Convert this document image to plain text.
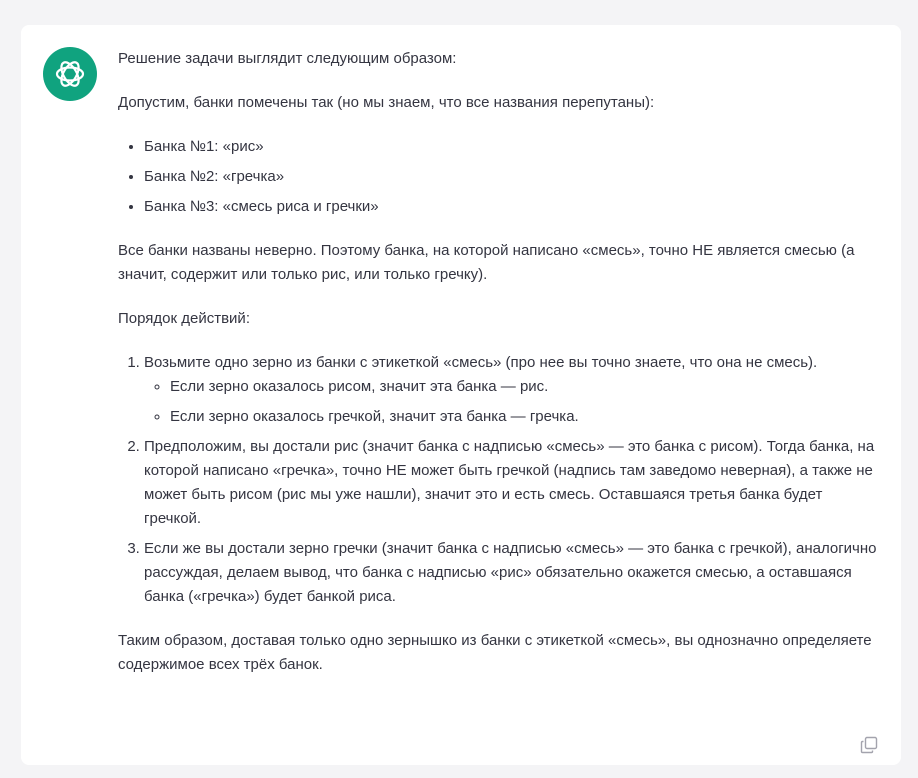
Решение задачи выглядит следующим образом:

Допустим, банки помечены так (но мы знаем, что все названия перепутаны):

• Банка №1: «рис»
• Банка №2: «гречка»
• Банка №3: «смесь риса и гречки»

Все банки названы неверно. Поэтому банка, на которой написано «смесь», точно НЕ является смесью (а значит, содержит или только рис, или только гречку).

Порядок действий:

1. Возьмите одно зерно из банки с этикеткой «смесь» (про нее вы точно знаете, что она не смесь).
◦ Если зерно оказалось рисом, значит эта банка — рис.
◦ Если зерно оказалось гречкой, значит эта банка — гречка.
2. Предположим, вы достали рис (значит банка с надписью «смесь» — это банка с рисом). Тогда банка, на которой написано «гречка», точно НЕ может быть гречкой (надпись там заведомо неверная), а также не может быть рисом (рис мы уже нашли), значит это и есть смесь. Оставшаяся третья банка будет гречкой.
3. Если же вы достали зерно гречки (значит банка с надписью «смесь» — это банка с гречкой), аналогично рассуждая, делаем вывод, что банка с надписью «рис» обязательно окажется смесью, а оставшаяся банка («гречка») будет банкой риса.

Таким образом, доставая только одно зернышко из банки с этикеткой «смесь», вы однозначно определяете содержимое всех трёх банок.
